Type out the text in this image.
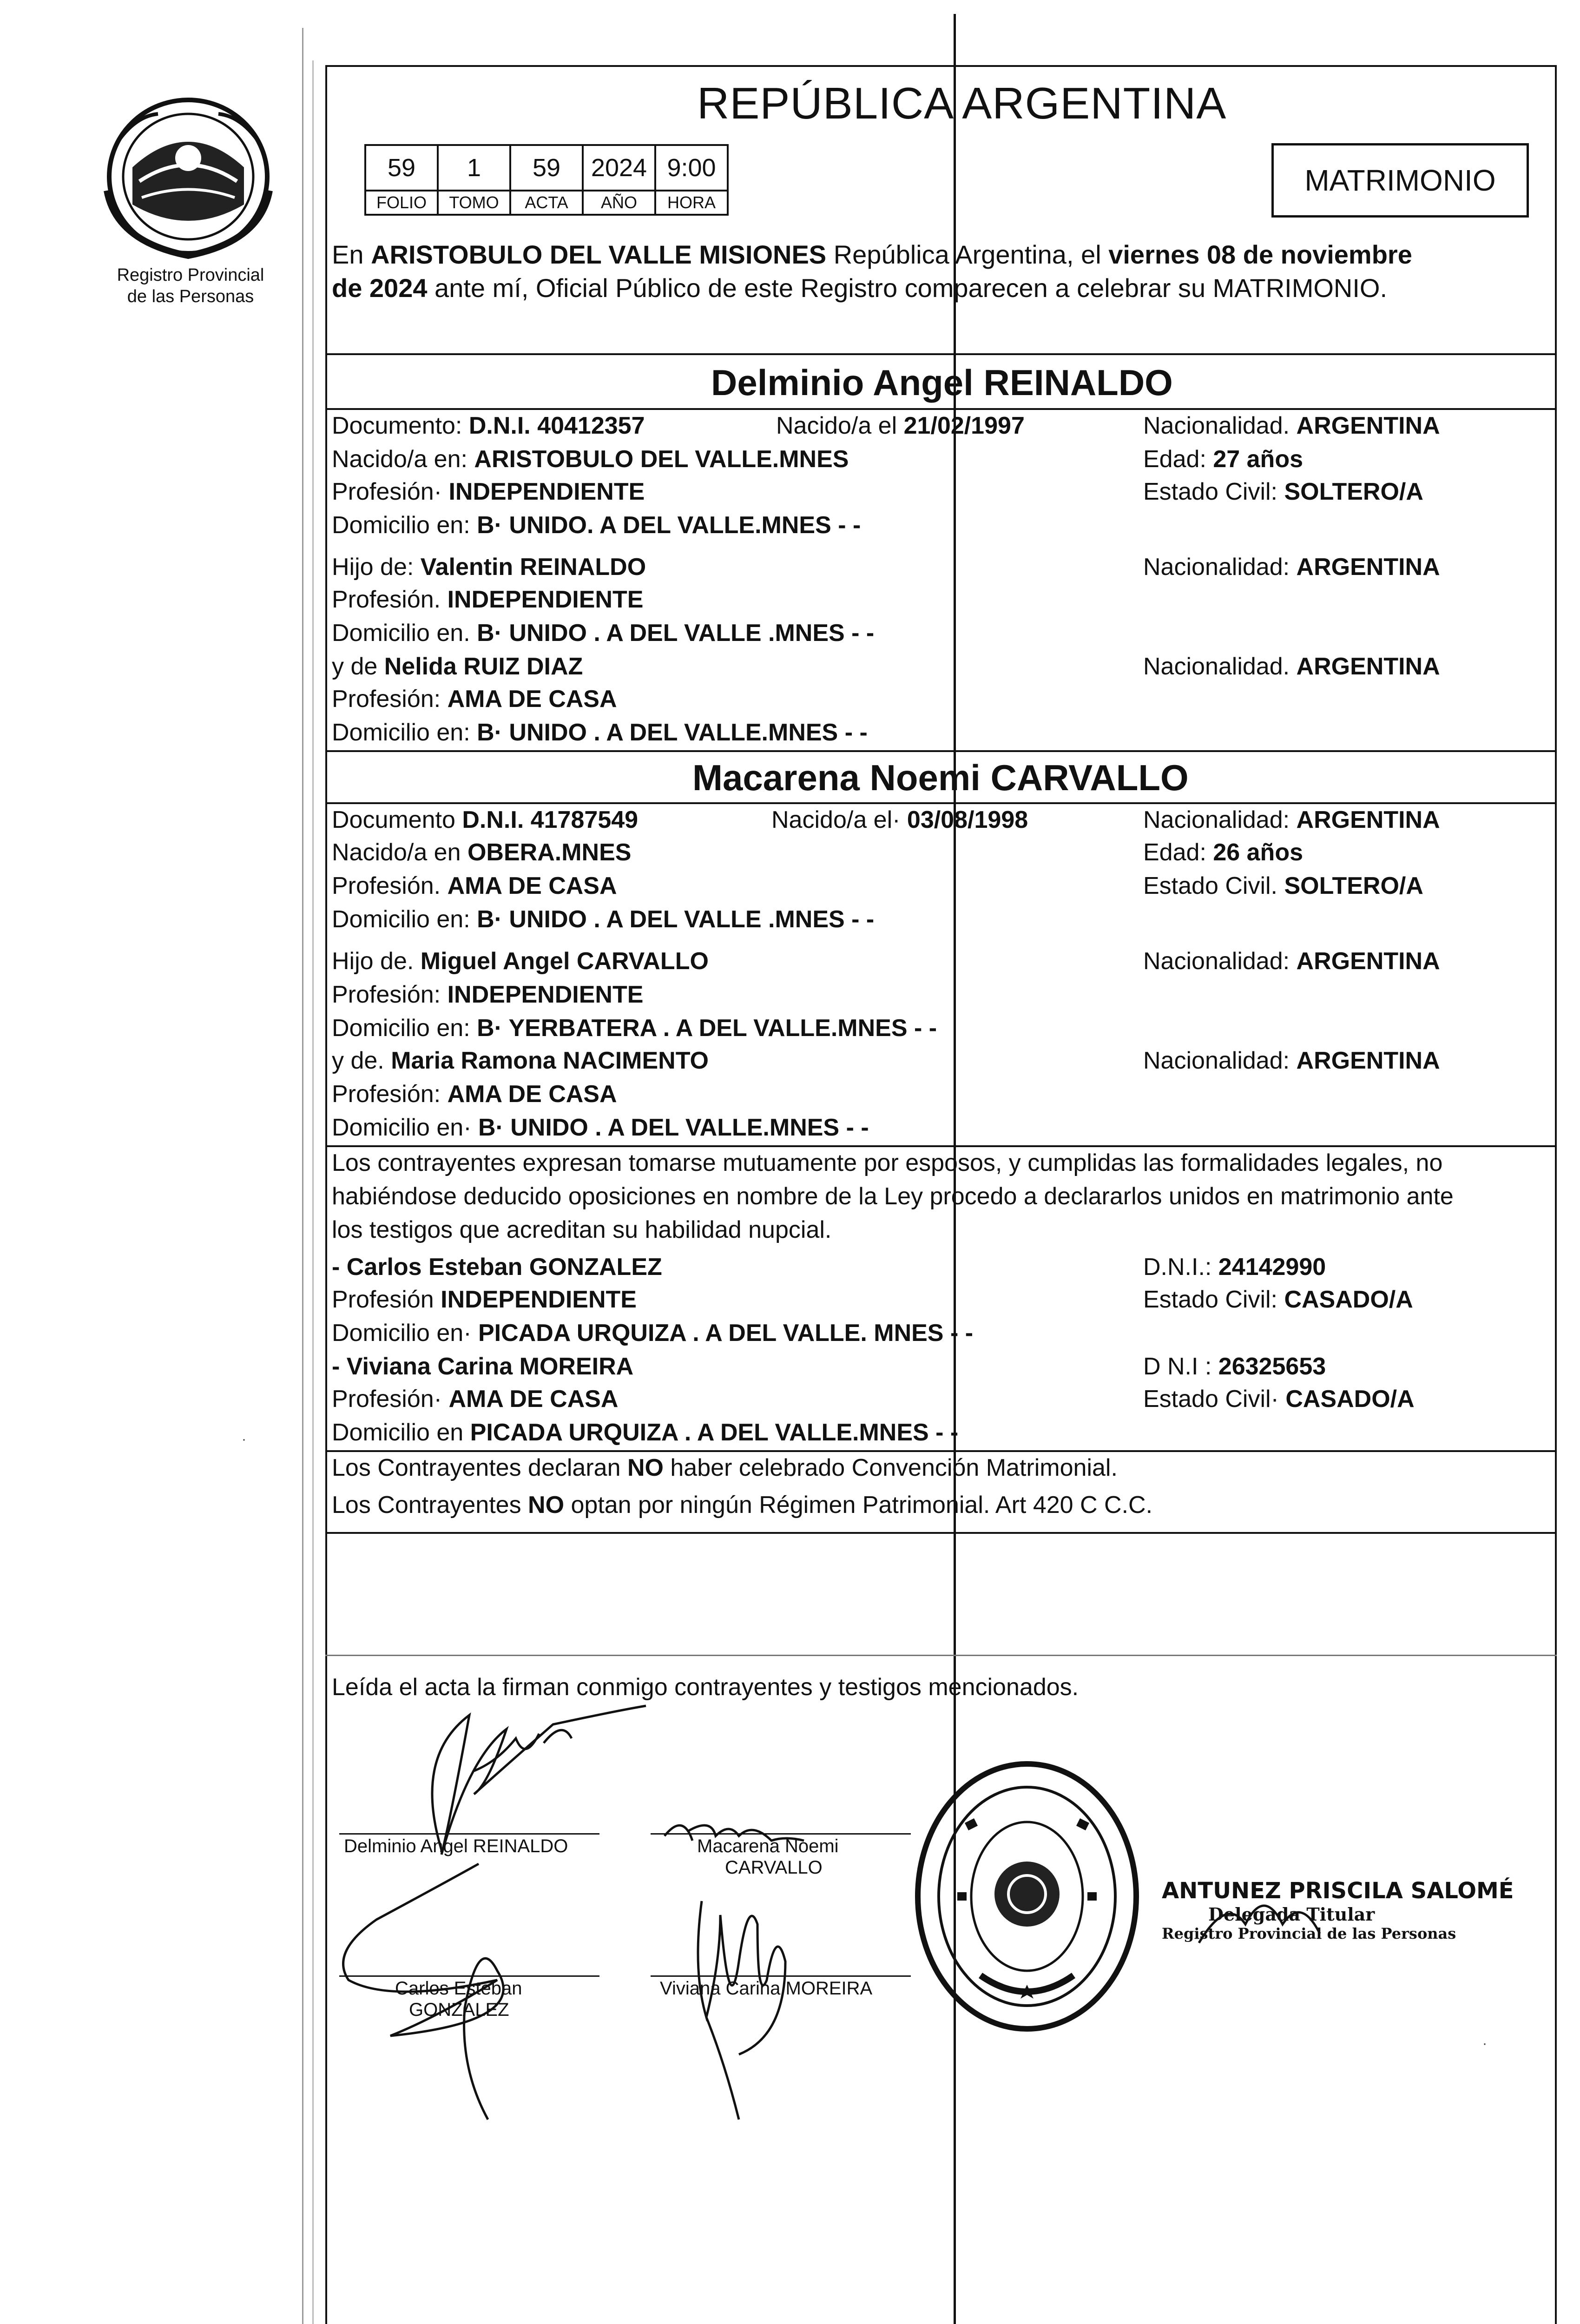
Registro Provincial
de las Personas
REPÚBLICA ARGENTINA
59	1	59	2024	9:00
FOLIO	TOMO	ACTA	AÑO	HORA
MATRIMONIO
En ARISTOBULO DEL VALLE MISIONES República Argentina, el viernes 08 de noviembre
de 2024 ante mí, Oficial Público de este Registro comparecen a celebrar su MATRIMONIO.
Delminio Angel REINALDO
Documento: D.N.I. 40412357	Nacido/a el 21/02/1997	Nacionalidad. ARGENTINA
Nacido/a en: ARISTOBULO DEL VALLE.MNES	Edad: 27 años
Profesión· INDEPENDIENTE	Estado Civil: SOLTERO/A
Domicilio en: B· UNIDO. A DEL VALLE.MNES - -
Hijo de: Valentin REINALDO	Nacionalidad: ARGENTINA
Profesión. INDEPENDIENTE
Domicilio en. B· UNIDO . A DEL VALLE .MNES - -
y de Nelida RUIZ DIAZ	Nacionalidad. ARGENTINA
Profesión: AMA DE CASA
Domicilio en: B· UNIDO . A DEL VALLE.MNES - -
Macarena Noemi CARVALLO
Documento D.N.I. 41787549	Nacido/a el· 03/08/1998	Nacionalidad: ARGENTINA
Nacido/a en OBERA.MNES	Edad: 26 años
Profesión. AMA DE CASA	Estado Civil. SOLTERO/A
Domicilio en: B· UNIDO . A DEL VALLE .MNES - -
Hijo de. Miguel Angel CARVALLO	Nacionalidad: ARGENTINA
Profesión: INDEPENDIENTE
Domicilio en: B· YERBATERA . A DEL VALLE.MNES - -
y de. Maria Ramona NACIMENTO	Nacionalidad: ARGENTINA
Profesión: AMA DE CASA
Domicilio en· B· UNIDO . A DEL VALLE.MNES - -
Los contrayentes expresan tomarse mutuamente por esposos, y cumplidas las formalidades legales, no
habiéndose deducido oposiciones en nombre de la Ley procedo a declararlos unidos en matrimonio ante
los testigos que acreditan su habilidad nupcial.
- Carlos Esteban GONZALEZ	D.N.I.: 24142990
Profesión INDEPENDIENTE	Estado Civil: CASADO/A
Domicilio en· PICADA URQUIZA . A DEL VALLE. MNES - -
- Viviana Carina MOREIRA	D N.I : 26325653
Profesión· AMA DE CASA	Estado Civil· CASADO/A
Domicilio en PICADA URQUIZA . A DEL VALLE.MNES - -
Los Contrayentes declaran NO haber celebrado Convención Matrimonial.
Los Contrayentes NO optan por ningún Régimen Patrimonial. Art 420 C C.C.
Leída el acta la firman conmigo contrayentes y testigos mencionados.
Delminio Angel REINALDO	Macarena Noemi
CARVALLO
Carlos Esteban
GONZALEZ
Viviana Carina MOREIRA
ANTUNEZ PRISCILA SALOMÉ
Delegada Titular
Registro Provincial de las Personas
·
·
